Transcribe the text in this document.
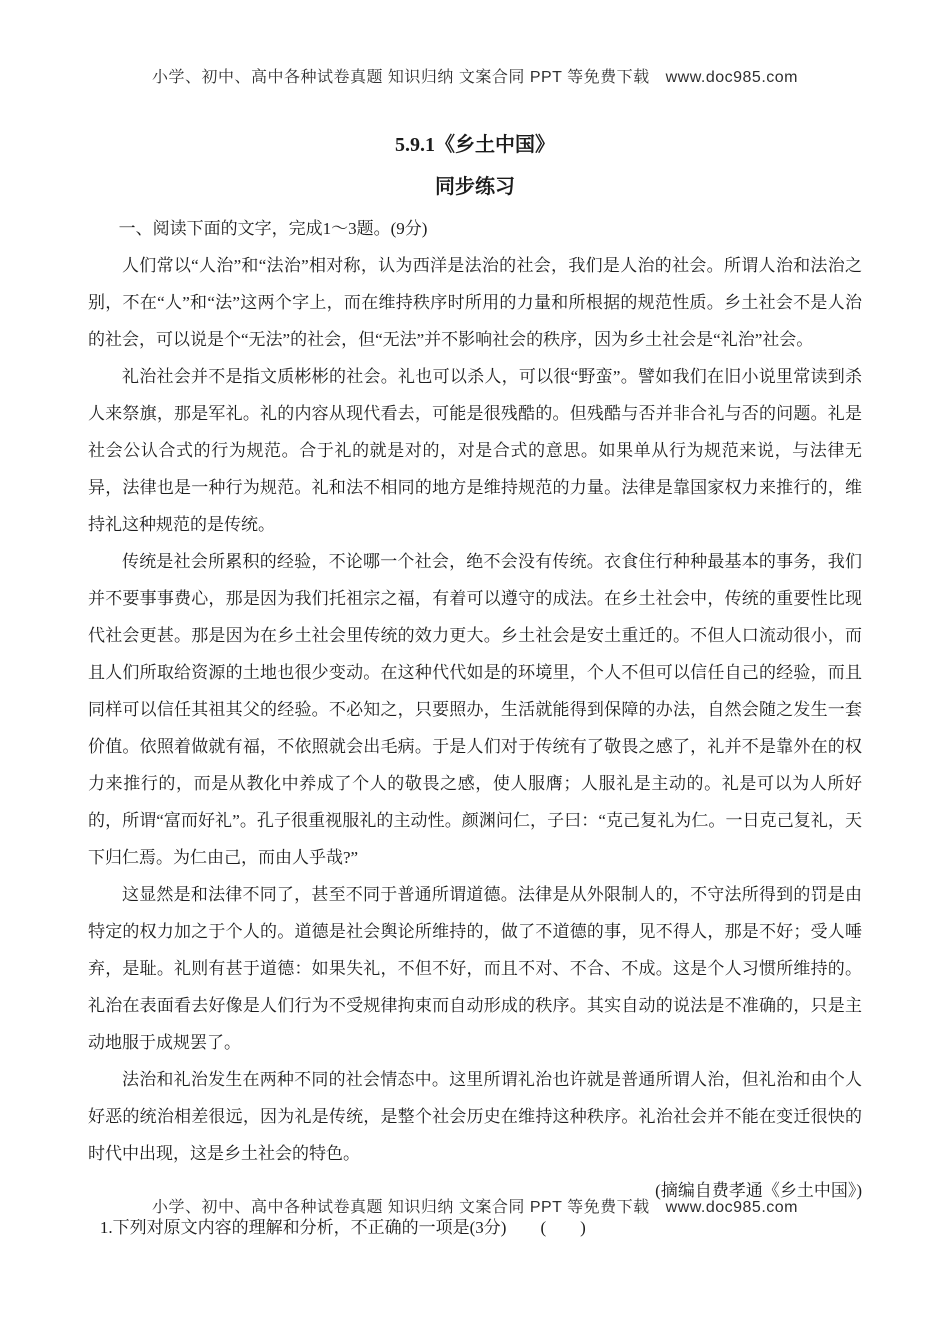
小学、初中、高中各种试卷真题 知识归纳 文案合同 PPT 等免费下载 www.doc985.com
5.9.1《乡土中国》
同步练习

一、阅读下面的文字，完成1～3题。(9分)

人们常以“人治”和“法治”相对称，认为西洋是法治的社会，我们是人治的社会。所谓人治和法治之别，不在“人”和“法”这两个字上，而在维持秩序时所用的力量和所根据的规范性质。乡土社会不是人治的社会，可以说是个“无法”的社会，但“无法”并不影响社会的秩序，因为乡土社会是“礼治”社会。

礼治社会并不是指文质彬彬的社会。礼也可以杀人，可以很“野蛮”。譬如我们在旧小说里常读到杀人来祭旗，那是军礼。礼的内容从现代看去，可能是很残酷的。但残酷与否并非合礼与否的问题。礼是社会公认合式的行为规范。合于礼的就是对的，对是合式的意思。如果单从行为规范来说，与法律无异，法律也是一种行为规范。礼和法不相同的地方是维持规范的力量。法律是靠国家权力来推行的，维持礼这种规范的是传统。

传统是社会所累积的经验，不论哪一个社会，绝不会没有传统。衣食住行种种最基本的事务，我们并不要事事费心，那是因为我们托祖宗之福，有着可以遵守的成法。在乡土社会中，传统的重要性比现代社会更甚。那是因为在乡土社会里传统的效力更大。乡土社会是安土重迁的。不但人口流动很小，而且人们所取给资源的土地也很少变动。在这种代代如是的环境里，个人不但可以信任自己的经验，而且同样可以信任其祖其父的经验。不必知之，只要照办，生活就能得到保障的办法，自然会随之发生一套价值。依照着做就有福，不依照就会出毛病。于是人们对于传统有了敬畏之感了，礼并不是靠外在的权力来推行的，而是从教化中养成了个人的敬畏之感，使人服膺；人服礼是主动的。礼是可以为人所好的，所谓“富而好礼”。孔子很重视服礼的主动性。颜渊问仁，子曰：“克己复礼为仁。一日克己复礼，天下归仁焉。为仁由己，而由人乎哉?”

这显然是和法律不同了，甚至不同于普通所谓道德。法律是从外限制人的，不守法所得到的罚是由特定的权力加之于个人的。道德是社会舆论所维持的，做了不道德的事，见不得人，那是不好；受人唾弃，是耻。礼则有甚于道德：如果失礼，不但不好，而且不对、不合、不成。这是个人习惯所维持的。礼治在表面看去好像是人们行为不受规律拘束而自动形成的秩序。其实自动的说法是不准确的，只是主动地服于成规罢了。

法治和礼治发生在两种不同的社会情态中。这里所谓礼治也许就是普通所谓人治，但礼治和由个人好恶的统治相差很远，因为礼是传统，是整个社会历史在维持这种秩序。礼治社会并不能在变迁很快的时代中出现，这是乡土社会的特色。

(摘编自费孝通《乡土中国》)

1.下列对原文内容的理解和分析，不正确的一项是(3分)　　(　　)

小学、初中、高中各种试卷真题 知识归纳 文案合同 PPT 等免费下载 www.doc985.com
